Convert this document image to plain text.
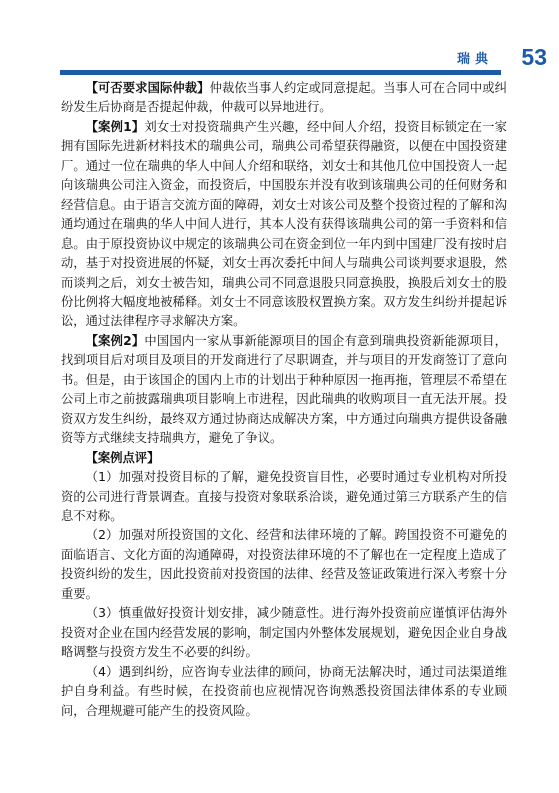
瑞典 53

【可否要求国际仲裁】仲裁依当事人约定或同意提起。当事人可在合同中或纠纷发生后协商是否提起仲裁，仲裁可以异地进行。

【案例1】刘女士对投资瑞典产生兴趣，经中间人介绍，投资目标锁定在一家拥有国际先进新材料技术的瑞典公司，瑞典公司希望获得融资，以便在中国投资建厂。通过一位在瑞典的华人中间人介绍和联络，刘女士和其他几位中国投资人一起向该瑞典公司注入资金，而投资后，中国股东并没有收到该瑞典公司的任何财务和经营信息。由于语言交流方面的障碍，刘女士对该公司及整个投资过程的了解和沟通均通过在瑞典的华人中间人进行，其本人没有获得该瑞典公司的第一手资料和信息。由于原投资协议中规定的该瑞典公司在资金到位一年内到中国建厂没有按时启动，基于对投资进展的怀疑，刘女士再次委托中间人与瑞典公司谈判要求退股，然而谈判之后，刘女士被告知，瑞典公司不同意退股只同意换股，换股后刘女士的股份比例将大幅度地被稀释。刘女士不同意该股权置换方案。双方发生纠纷并提起诉讼，通过法律程序寻求解决方案。

【案例2】中国国内一家从事新能源项目的国企有意到瑞典投资新能源项目，找到项目后对项目及项目的开发商进行了尽职调查，并与项目的开发商签订了意向书。但是，由于该国企的国内上市的计划出于种种原因一拖再拖，管理层不希望在公司上市之前披露瑞典项目影响上市进程，因此瑞典的收购项目一直无法开展。投资双方发生纠纷，最终双方通过协商达成解决方案，中方通过向瑞典方提供设备融资等方式继续支持瑞典方，避免了争议。

【案例点评】

（1）加强对投资目标的了解，避免投资盲目性，必要时通过专业机构对所投资的公司进行背景调查。直接与投资对象联系洽谈，避免通过第三方联系产生的信息不对称。

（2）加强对所投资国的文化、经营和法律环境的了解。跨国投资不可避免的面临语言、文化方面的沟通障碍，对投资法律环境的不了解也在一定程度上造成了投资纠纷的发生，因此投资前对投资国的法律、经营及签证政策进行深入考察十分重要。

（3）慎重做好投资计划安排，减少随意性。进行海外投资前应谨慎评估海外投资对企业在国内经营发展的影响，制定国内外整体发展规划，避免因企业自身战略调整与投资方发生不必要的纠纷。

（4）遇到纠纷，应咨询专业法律的顾问，协商无法解决时，通过司法渠道维护自身利益。有些时候，在投资前也应视情况咨询熟悉投资国法律体系的专业顾问，合理规避可能产生的投资风险。
